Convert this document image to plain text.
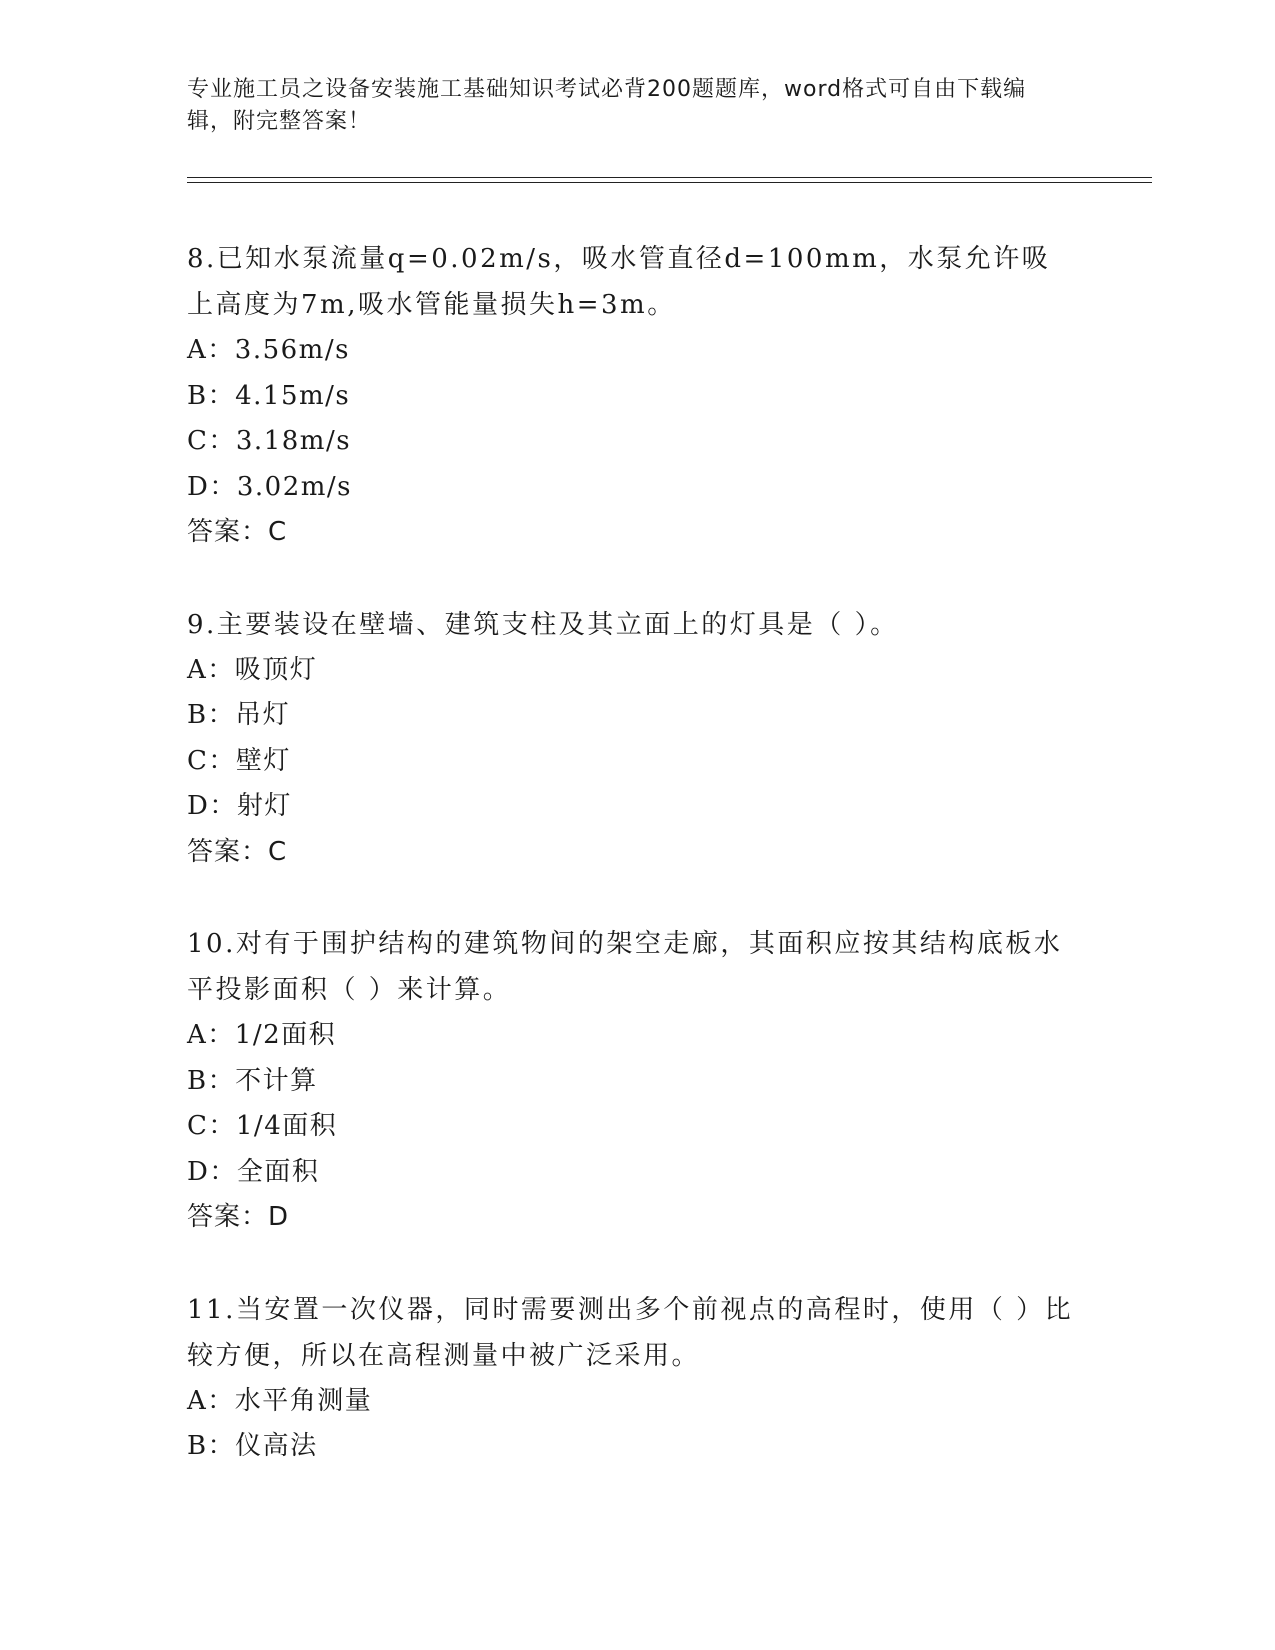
专业施工员之设备安装施工基础知识考试必背200题题库，word格式可自由下载编辑，附完整答案！
8.已知水泵流量q=0.02m/s，吸水管直径d=100mm，水泵允许吸上高度为7m,吸水管能量损失h=3m。
A：3.56m/s
B：4.15m/s
C：3.18m/s
D：3.02m/s
答案：C
9.主要装设在壁墙、建筑支柱及其立面上的灯具是（ ）。
A：吸顶灯
B：吊灯
C：壁灯
D：射灯
答案：C
10.对有于围护结构的建筑物间的架空走廊，其面积应按其结构底板水平投影面积（ ）来计算。
A：1/2面积
B：不计算
C：1/4面积
D：全面积
答案：D
11.当安置一次仪器，同时需要测出多个前视点的高程时，使用（ ）比较方便，所以在高程测量中被广泛采用。
A：水平角测量
B：仪高法
